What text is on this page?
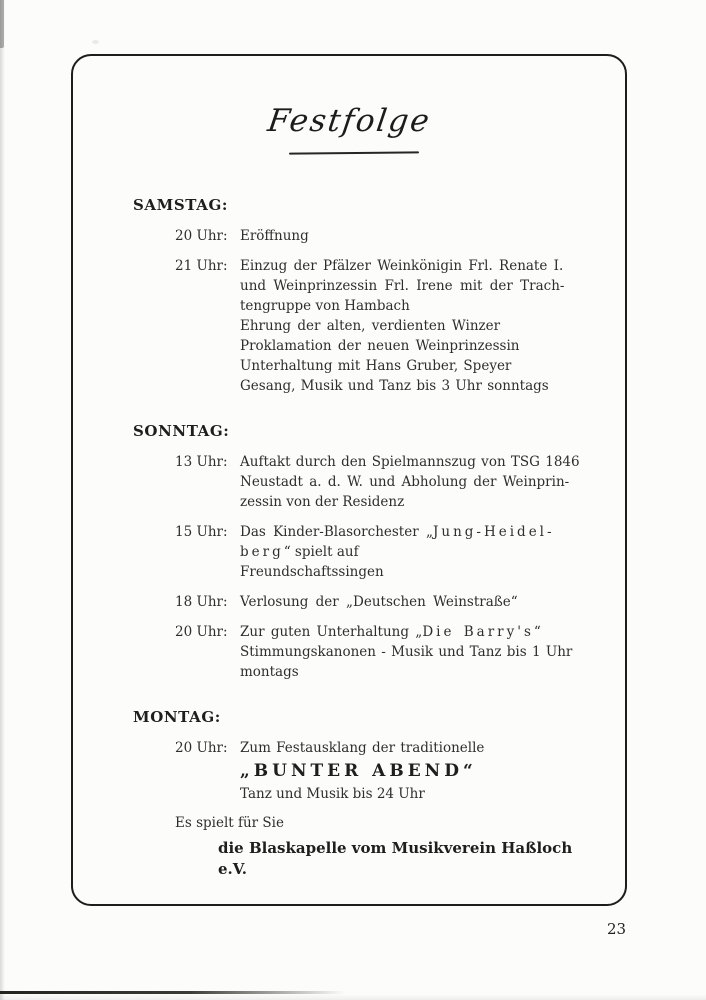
Festfolge
SAMSTAG:
20 Uhr: Eröffnung
21 Uhr: Einzug der Pfälzer Weinkönigin Frl. Renate I.
und Weinprinzessin Frl. Irene mit der Trach-
tengruppe von Hambach
Ehrung der alten, verdienten Winzer
Proklamation der neuen Weinprinzessin
Unterhaltung mit Hans Gruber, Speyer
Gesang, Musik und Tanz bis 3 Uhr sonntags
SONNTAG:
13 Uhr: Auftakt durch den Spielmannszug von TSG 1846
Neustadt a. d. W. und Abholung der Weinprin-
zessin von der Residenz
15 Uhr: Das Kinder-Blasorchester „Jung-Heidel-
berg“ spielt auf
Freundschaftssingen
18 Uhr: Verlosung der „Deutschen Weinstraße“
20 Uhr: Zur guten Unterhaltung „Die Barry's“
Stimmungskanonen - Musik und Tanz bis 1 Uhr
montags
MONTAG:
20 Uhr: Zum Festausklang der traditionelle
„BUNTER ABEND“
Tanz und Musik bis 24 Uhr
Es spielt für Sie
die Blaskapelle vom Musikverein Haßloch e.V.
23
